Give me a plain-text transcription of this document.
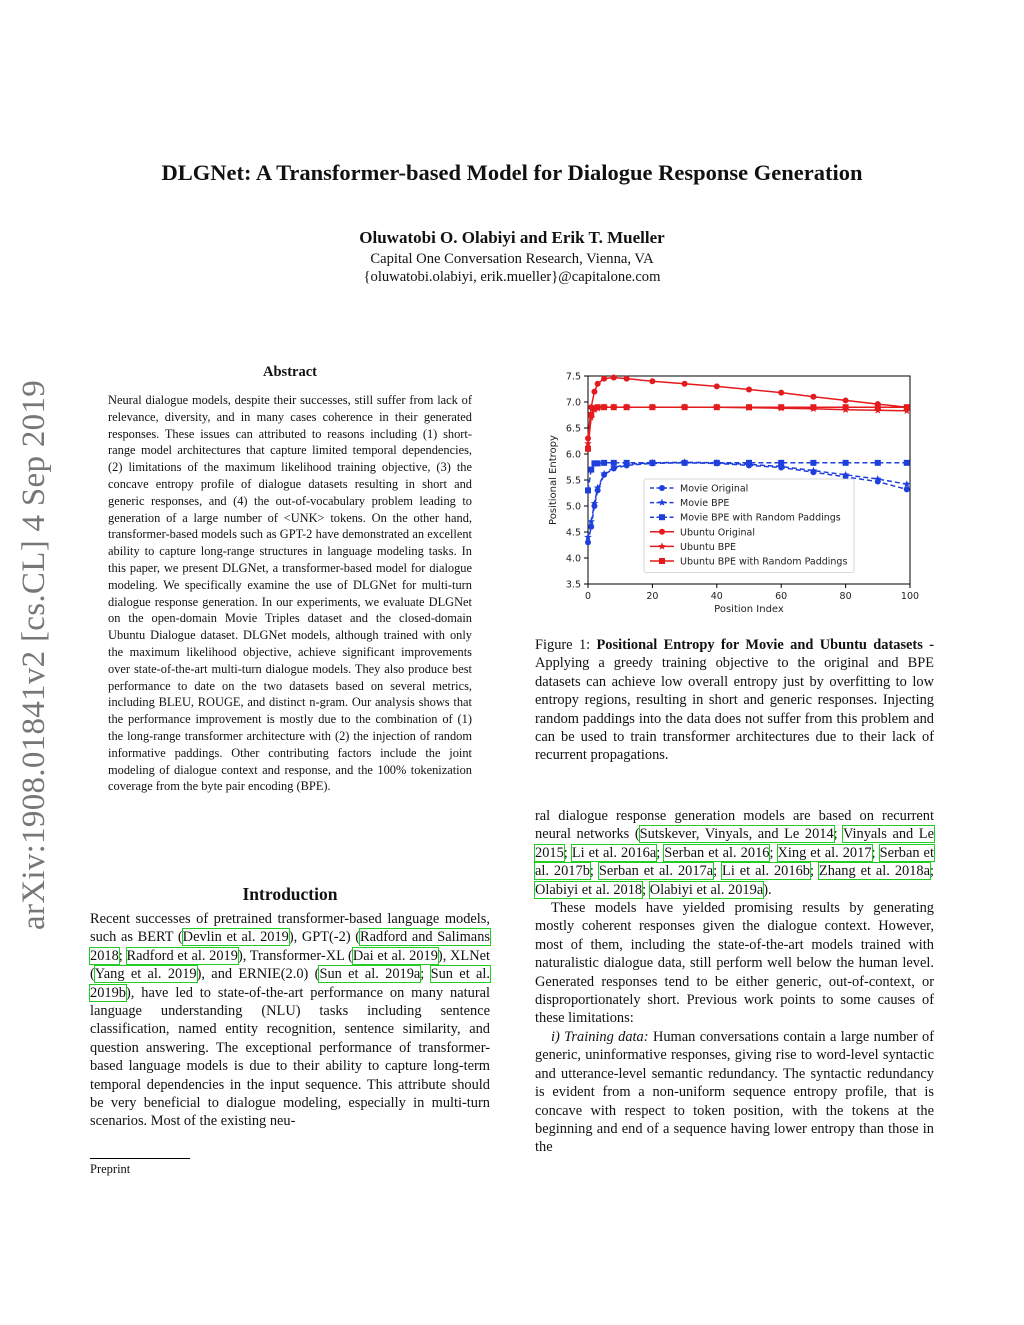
DLGNet: A Transformer-based Model for Dialogue Response Generation
Oluwatobi O. Olabiyi and Erik T. Mueller
Capital One Conversation Research, Vienna, VA
{oluwatobi.olabiyi, erik.mueller}@capitalone.com
arXiv:1908.01841v2 [cs.CL] 4 Sep 2019
Abstract
Neural dialogue models, despite their successes, still suffer from lack of relevance, diversity, and in many cases coherence in their generated responses. These issues can attributed to reasons including (1) short-range model architectures that capture limited temporal dependencies, (2) limitations of the maximum likelihood training objective, (3) the concave entropy profile of dialogue datasets resulting in short and generic responses, and (4) the out-of-vocabulary problem leading to generation of a large number of <UNK> tokens. On the other hand, transformer-based models such as GPT-2 have demonstrated an excellent ability to capture long-range structures in language modeling tasks. In this paper, we present DLGNet, a transformer-based model for dialogue modeling. We specifically examine the use of DLGNet for multi-turn dialogue response generation. In our experiments, we evaluate DLGNet on the open-domain Movie Triples dataset and the closed-domain Ubuntu Dialogue dataset. DLGNet models, although trained with only the maximum likelihood objective, achieve significant improvements over state-of-the-art multi-turn dialogue models. They also produce best performance to date on the two datasets based on several metrics, including BLEU, ROUGE, and distinct n-gram. Our analysis shows that the performance improvement is mostly due to the combination of (1) the long-range transformer architecture with (2) the injection of random informative paddings. Other contributing factors include the joint modeling of dialogue context and response, and the 100% tokenization coverage from the byte pair encoding (BPE).
Introduction
Recent successes of pretrained transformer-based language models, such as BERT (Devlin et al. 2019), GPT(-2) (Radford and Salimans 2018; Radford et al. 2019), Transformer-XL (Dai et al. 2019), XLNet (Yang et al. 2019), and ERNIE(2.0) (Sun et al. 2019a; Sun et al. 2019b), have led to state-of-the-art performance on many natural language understanding (NLU) tasks including sentence classification, named entity recognition, sentence similarity, and question answering. The exceptional performance of transformer-based language models is due to their ability to capture long-term temporal dependencies in the input sequence. This attribute should be very beneficial to dialogue modeling, especially in multi-turn scenarios. Most of the existing neu-
Preprint
0	20	40	60	80	100
3.5
4.0
4.5
5.0
5.5
6.0
6.5
7.0
7.5
Position Index
Positional Entropy	Movie Original
Movie BPE
Movie BPE with Random Paddings
Ubuntu Original
Ubuntu BPE
Ubuntu BPE with Random Paddings
Figure 1: Positional Entropy for Movie and Ubuntu datasets - Applying a greedy training objective to the original and BPE datasets can achieve low overall entropy just by overfitting to low entropy regions, resulting in short and generic responses. Injecting random paddings into the data does not suffer from this problem and can be used to train transformer architectures due to their lack of recurrent propagations.

ral dialogue response generation models are based on recurrent neural networks (Sutskever, Vinyals, and Le 2014; Vinyals and Le 2015; Li et al. 2016a; Serban et al. 2016; Xing et al. 2017; Serban et al. 2017b; Serban et al. 2017a; Li et al. 2016b; Zhang et al. 2018a; Olabiyi et al. 2018; Olabiyi et al. 2019a).

These models have yielded promising results by generating mostly coherent responses given the dialogue context. However, most of them, including the state-of-the-art models trained with naturalistic dialogue data, still perform well below the human level. Generated responses tend to be either generic, out-of-context, or disproportionately short. Previous work points to some causes of these limitations:

i) Training data: Human conversations contain a large number of generic, uninformative responses, giving rise to word-level syntactic and utterance-level semantic redundancy. The syntactic redundancy is evident from a non-uniform sequence entropy profile, that is concave with respect to token position, with the tokens at the beginning and end of a sequence having lower entropy than those in the
